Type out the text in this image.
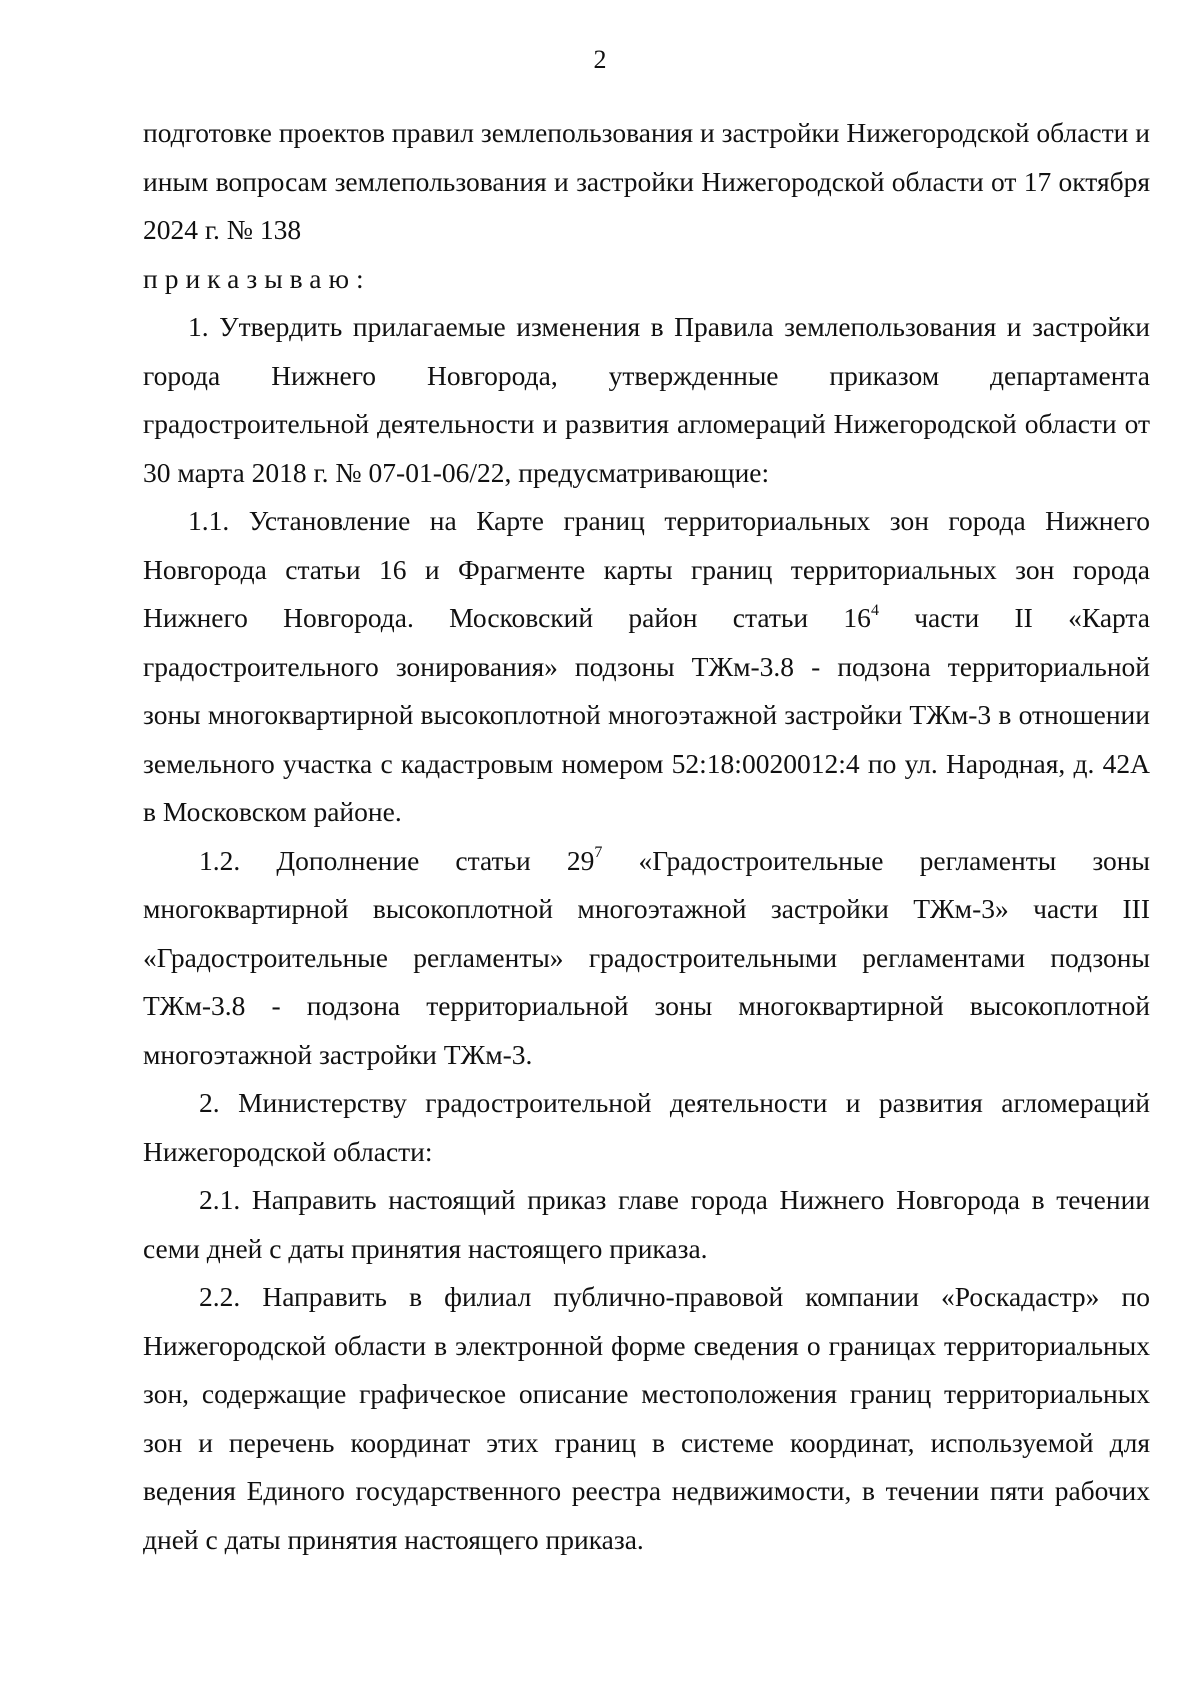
2

подготовке проектов правил землепользования и застройки Нижегородской области и иным вопросам землепользования и застройки Нижегородской области от 17 октября 2024 г. № 138

приказываю:

1. Утвердить прилагаемые изменения в Правила землепользования и застройки города Нижнего Новгорода, утвержденные приказом департамента градостроительной деятельности и развития агломераций Нижегородской области от 30 марта 2018 г. № 07-01-06/22, предусматривающие:

1.1. Установление на Карте границ территориальных зон города Нижнего Новгорода статьи 16 и Фрагменте карты границ территориальных зон города Нижнего Новгорода. Московский район статьи $16^4$ части II «Карта градостроительного зонирования» подзоны ТЖм-3.8 - подзона территориальной зоны многоквартирной высокоплотной многоэтажной застройки ТЖм-3 в отношении земельного участка с кадастровым номером 52:18:0020012:4 по ул. Народная, д. 42А в Московском районе.

1.2. Дополнение статьи $29^7$ «Градостроительные регламенты зоны многоквартирной высокоплотной многоэтажной застройки ТЖм-3» части III «Градостроительные регламенты» градостроительными регламентами подзоны ТЖм-3.8 - подзона территориальной зоны многоквартирной высокоплотной многоэтажной застройки ТЖм-3.

2. Министерству градостроительной деятельности и развития агломераций Нижегородской области:

2.1. Направить настоящий приказ главе города Нижнего Новгорода в течении семи дней с даты принятия настоящего приказа.

2.2. Направить в филиал публично-правовой компании «Роскадастр» по Нижегородской области в электронной форме сведения о границах территориальных зон, содержащие графическое описание местоположения границ территориальных зон и перечень координат этих границ в системе координат, используемой для ведения Единого государственного реестра недвижимости, в течении пяти рабочих дней с даты принятия настоящего приказа.
